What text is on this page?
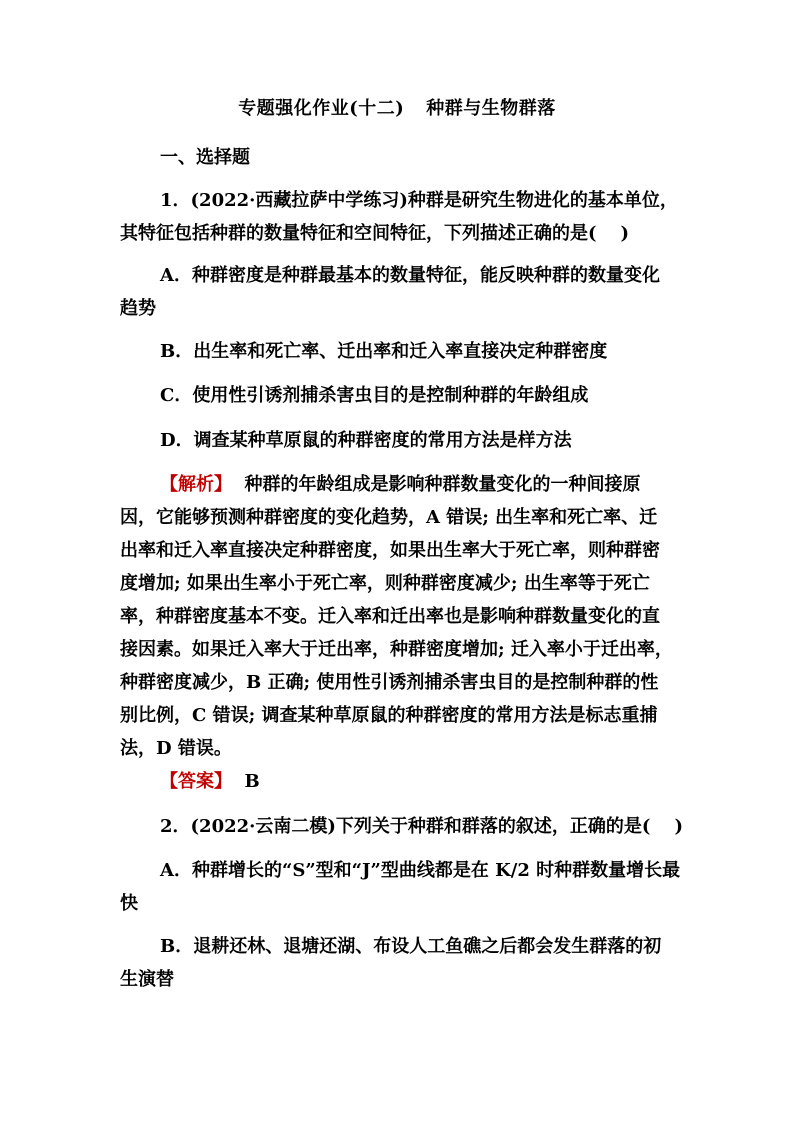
专题强化作业(十二) 种群与生物群落
一、选择题
1．(2022·西藏拉萨中学练习)种群是研究生物进化的基本单位，
其特征包括种群的数量特征和空间特征，下列描述正确的是( )
A．种群密度是种群最基本的数量特征，能反映种群的数量变化
趋势
B．出生率和死亡率、迁出率和迁入率直接决定种群密度
C．使用性引诱剂捕杀害虫目的是控制种群的年龄组成
D．调查某种草原鼠的种群密度的常用方法是样方法
【解析】 种群的年龄组成是影响种群数量变化的一种间接原
因，它能够预测种群密度的变化趋势，A 错误; 出生率和死亡率、迁
出率和迁入率直接决定种群密度，如果出生率大于死亡率，则种群密
度增加; 如果出生率小于死亡率，则种群密度减少; 出生率等于死亡
率，种群密度基本不变。迁入率和迁出率也是影响种群数量变化的直
接因素。如果迁入率大于迁出率，种群密度增加; 迁入率小于迁出率，
种群密度减少，B 正确; 使用性引诱剂捕杀害虫目的是控制种群的性
别比例，C 错误; 调查某种草原鼠的种群密度的常用方法是标志重捕
法，D 错误。
【答案】 B
2．(2022·云南二模)下列关于种群和群落的叙述，正确的是( )
A．种群增长的“S”型和“J”型曲线都是在 K/2 时种群数量增长最
快
B．退耕还林、退塘还湖、布设人工鱼礁之后都会发生群落的初
生演替
